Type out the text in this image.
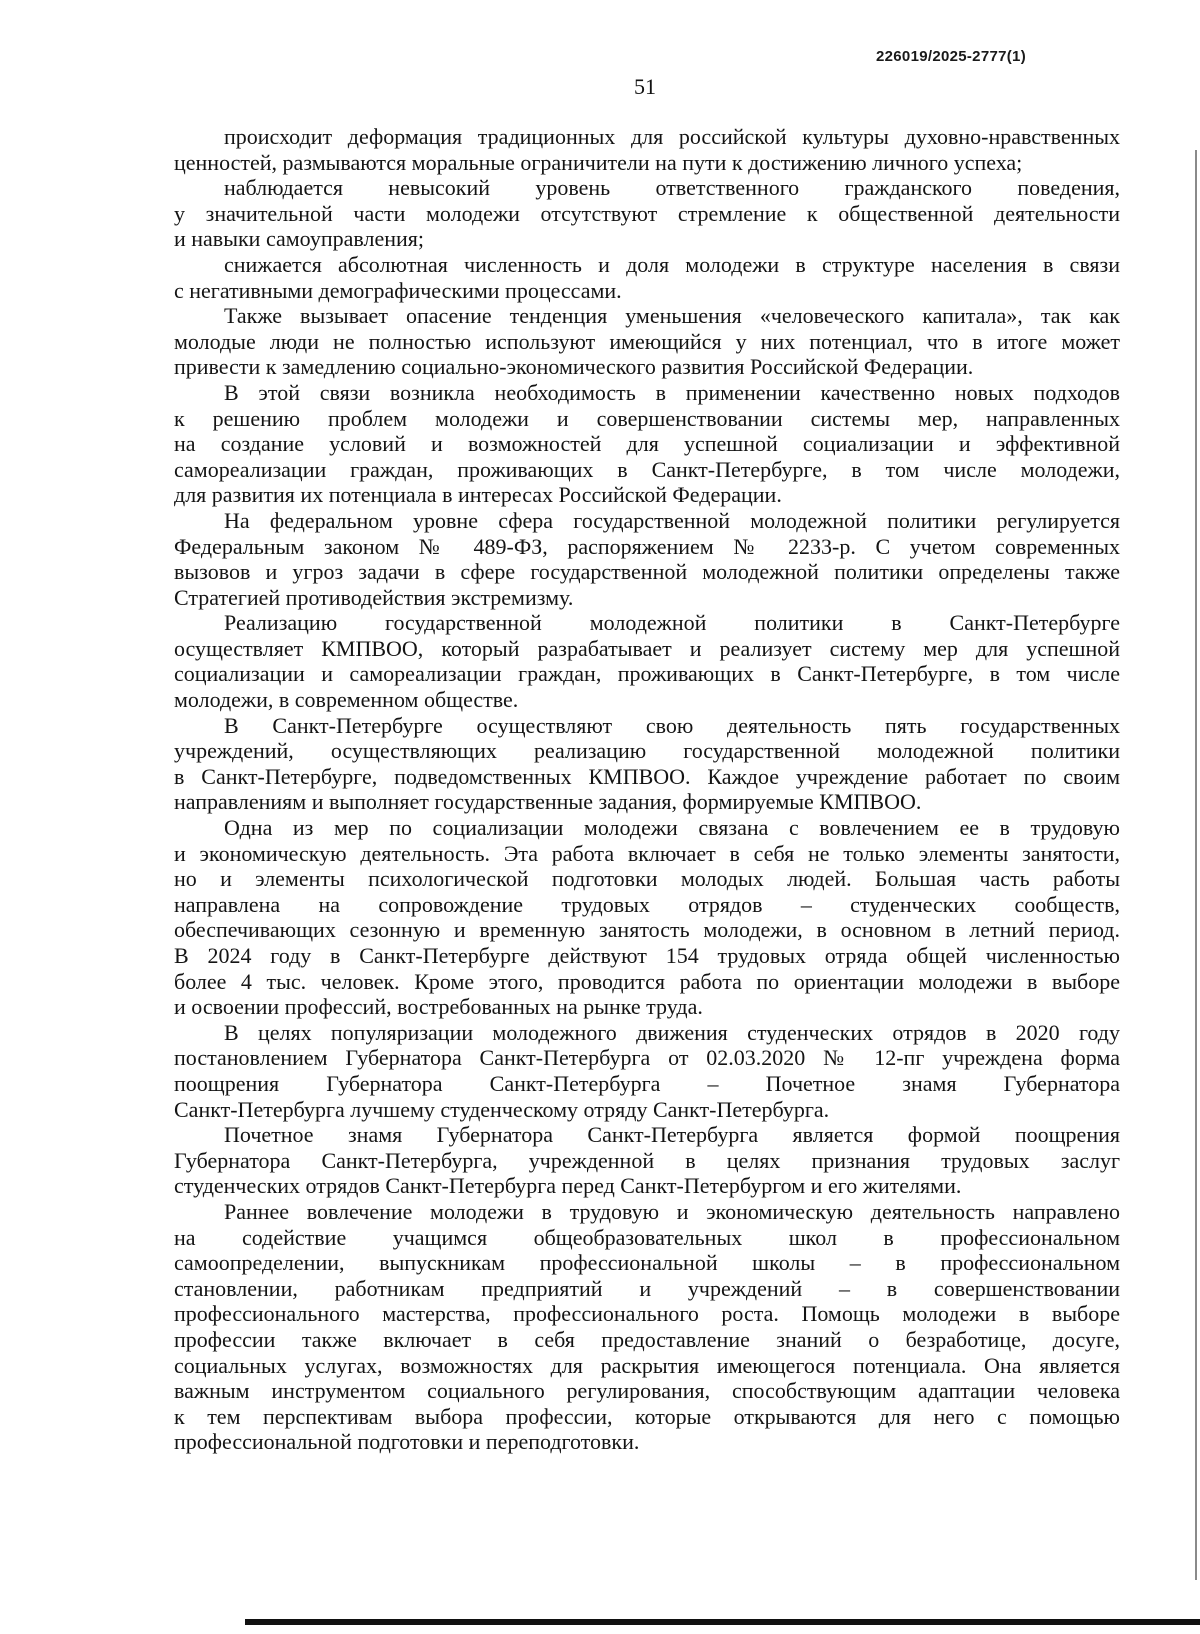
226019/2025-2777(1)
51
происходит деформация традиционных для российской культуры духовно-нравственных
ценностей, размываются моральные ограничители на пути к достижению личного успеха;
наблюдается невысокий уровень ответственного гражданского поведения,
у значительной части молодежи отсутствуют стремление к общественной деятельности
и навыки самоуправления;
снижается абсолютная численность и доля молодежи в структуре населения в связи
с негативными демографическими процессами.
Также вызывает опасение тенденция уменьшения «человеческого капитала», так как
молодые люди не полностью используют имеющийся у них потенциал, что в итоге может
привести к замедлению социально-экономического развития Российской Федерации.
В этой связи возникла необходимость в применении качественно новых подходов
к решению проблем молодежи и совершенствовании системы мер, направленных
на создание условий и возможностей для успешной социализации и эффективной
самореализации граждан, проживающих в Санкт-Петербурге, в том числе молодежи,
для развития их потенциала в интересах Российской Федерации.
На федеральном уровне сфера государственной молодежной политики регулируется
Федеральным законом № 489-ФЗ, распоряжением № 2233-р. С учетом современных
вызовов и угроз задачи в сфере государственной молодежной политики определены также
Стратегией противодействия экстремизму.
Реализацию государственной молодежной политики в Санкт-Петербурге
осуществляет КМПВОО, который разрабатывает и реализует систему мер для успешной
социализации и самореализации граждан, проживающих в Санкт-Петербурге, в том числе
молодежи, в современном обществе.
В Санкт-Петербурге осуществляют свою деятельность пять государственных
учреждений, осуществляющих реализацию государственной молодежной политики
в Санкт-Петербурге, подведомственных КМПВОО. Каждое учреждение работает по своим
направлениям и выполняет государственные задания, формируемые КМПВОО.
Одна из мер по социализации молодежи связана с вовлечением ее в трудовую
и экономическую деятельность. Эта работа включает в себя не только элементы занятости,
но и элементы психологической подготовки молодых людей. Большая часть работы
направлена на сопровождение трудовых отрядов – студенческих сообществ,
обеспечивающих сезонную и временную занятость молодежи, в основном в летний период.
В 2024 году в Санкт-Петербурге действуют 154 трудовых отряда общей численностью
более 4 тыс. человек. Кроме этого, проводится работа по ориентации молодежи в выборе
и освоении профессий, востребованных на рынке труда.
В целях популяризации молодежного движения студенческих отрядов в 2020 году
постановлением Губернатора Санкт-Петербурга от 02.03.2020 № 12-пг учреждена форма
поощрения Губернатора Санкт-Петербурга – Почетное знамя Губернатора
Санкт-Петербурга лучшему студенческому отряду Санкт-Петербурга.
Почетное знамя Губернатора Санкт-Петербурга является формой поощрения
Губернатора Санкт-Петербурга, учрежденной в целях признания трудовых заслуг
студенческих отрядов Санкт-Петербурга перед Санкт-Петербургом и его жителями.
Раннее вовлечение молодежи в трудовую и экономическую деятельность направлено
на содействие учащимся общеобразовательных школ в профессиональном
самоопределении, выпускникам профессиональной школы – в профессиональном
становлении, работникам предприятий и учреждений – в совершенствовании
профессионального мастерства, профессионального роста. Помощь молодежи в выборе
профессии также включает в себя предоставление знаний о безработице, досуге,
социальных услугах, возможностях для раскрытия имеющегося потенциала. Она является
важным инструментом социального регулирования, способствующим адаптации человека
к тем перспективам выбора профессии, которые открываются для него с помощью
профессиональной подготовки и переподготовки.
